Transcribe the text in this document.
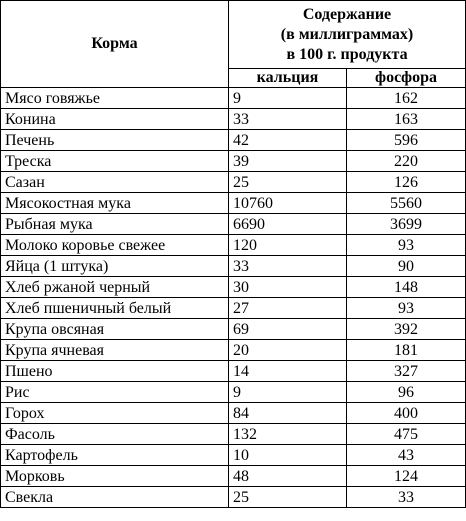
Корма	Содержание
(в миллиграммах)
в 100 г. продукта	

	кальция	фосфора
Мясо говяжье	9	162
Конина	33	163
Печень	42	596
Треска	39	220
Сазан	25	126
Мясокостная мука	10760	5560
Рыбная мука	6690	3699
Молоко коровье свежее	120	93
Яйца (1 штука)	33	90
Хлеб ржаной черный	30	148
Хлеб пшеничный белый	27	93
Крупа овсяная	69	392
Крупа ячневая	20	181
Пшено	14	327
Рис	9	96
Горох	84	400
Фасоль	132	475
Картофель	10	43
Морковь	48	124
Свекла	25	33
